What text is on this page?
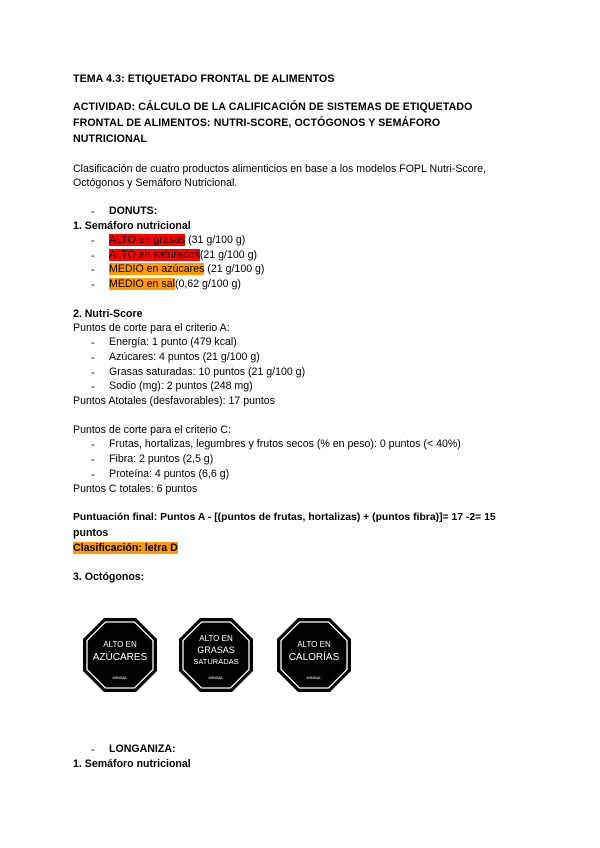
TEMA 4.3: ETIQUETADO FRONTAL DE ALIMENTOS
ACTIVIDAD: CÁLCULO DE LA CALIFICACIÓN DE SISTEMAS DE ETIQUETADO
FRONTAL DE ALIMENTOS: NUTRI-SCORE, OCTÓGONOS Y SEMÁFORO
NUTRICIONAL
Clasificación de cuatro productos alimenticios en base a los modelos FOPL Nutri-Score,
Octógonos y Semáforo Nutricional.
-	DONUTS:
1. Semáforo nutricional
-	ALTO en grasas (31 g/100 g)
-	ALTO en saturados(21 g/100 g)
-	MEDIO en azúcares (21 g/100 g)
-	MEDIO en sal(0,62 g/100 g)
2. Nutri-Score
Puntos de corte para el criterio A:
-	Energía: 1 punto (479 kcal)
-	Azúcares: 4 puntos (21 g/100 g)
-	Grasas saturadas: 10 puntos (21 g/100 g)
-	Sodio (mg): 2 puntos (248 mg)
Puntos Atotales (desfavorables): 17 puntos
Puntos de corte para el criterio C:
-	Frutas, hortalizas, legumbres y frutos secos (% en peso): 0 puntos (< 40%)
-	Fibra: 2 puntos (2,5 g)
-	Proteína: 4 puntos (6,6 g)
Puntos C totales: 6 puntos
Puntuación final: Puntos A - [(puntos de frutas, hortalizas) + (puntos fibra)]= 17 -2= 15
puntos
Clasificación: letra D
3. Octógonos:
ALTO EN
AZÚCARES
MINSAL
ALTO EN
GRASAS
SATURADAS
MINSAL
ALTO EN
CALORÍAS
MINSAL
-	LONGANIZA:
1. Semáforo nutricional
